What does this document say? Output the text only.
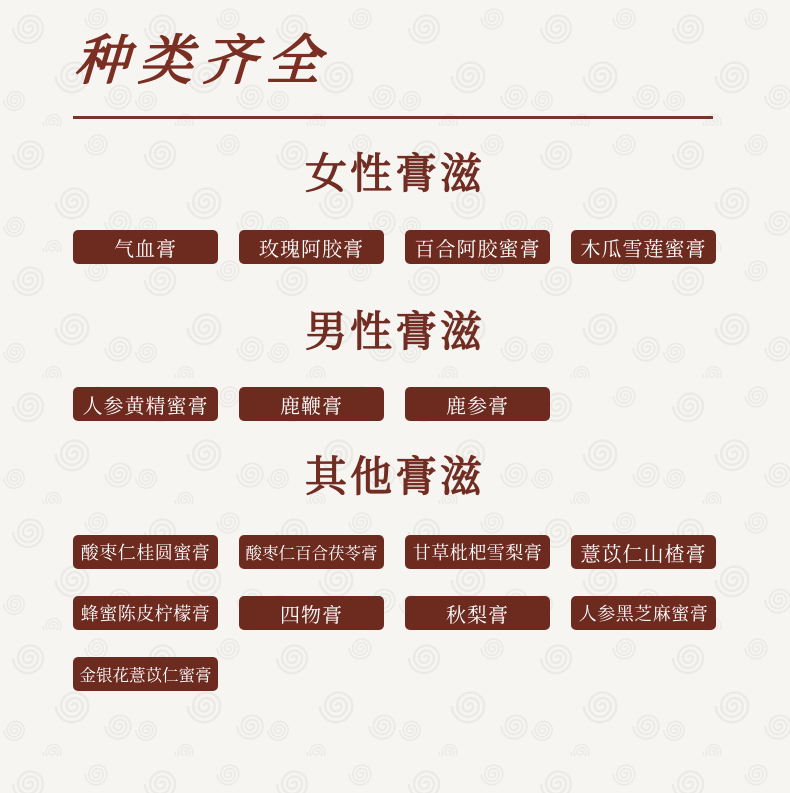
种类齐全
女性膏滋
气血膏	玫瑰阿胶膏	百合阿胶蜜膏	木瓜雪莲蜜膏
男性膏滋
人参黄精蜜膏	鹿鞭膏	鹿参膏
其他膏滋
酸枣仁桂圆蜜膏	酸枣仁百合茯苓膏	甘草枇杷雪梨膏	薏苡仁山楂膏
蜂蜜陈皮柠檬膏	四物膏	秋梨膏	人参黑芝麻蜜膏
金银花薏苡仁蜜膏
